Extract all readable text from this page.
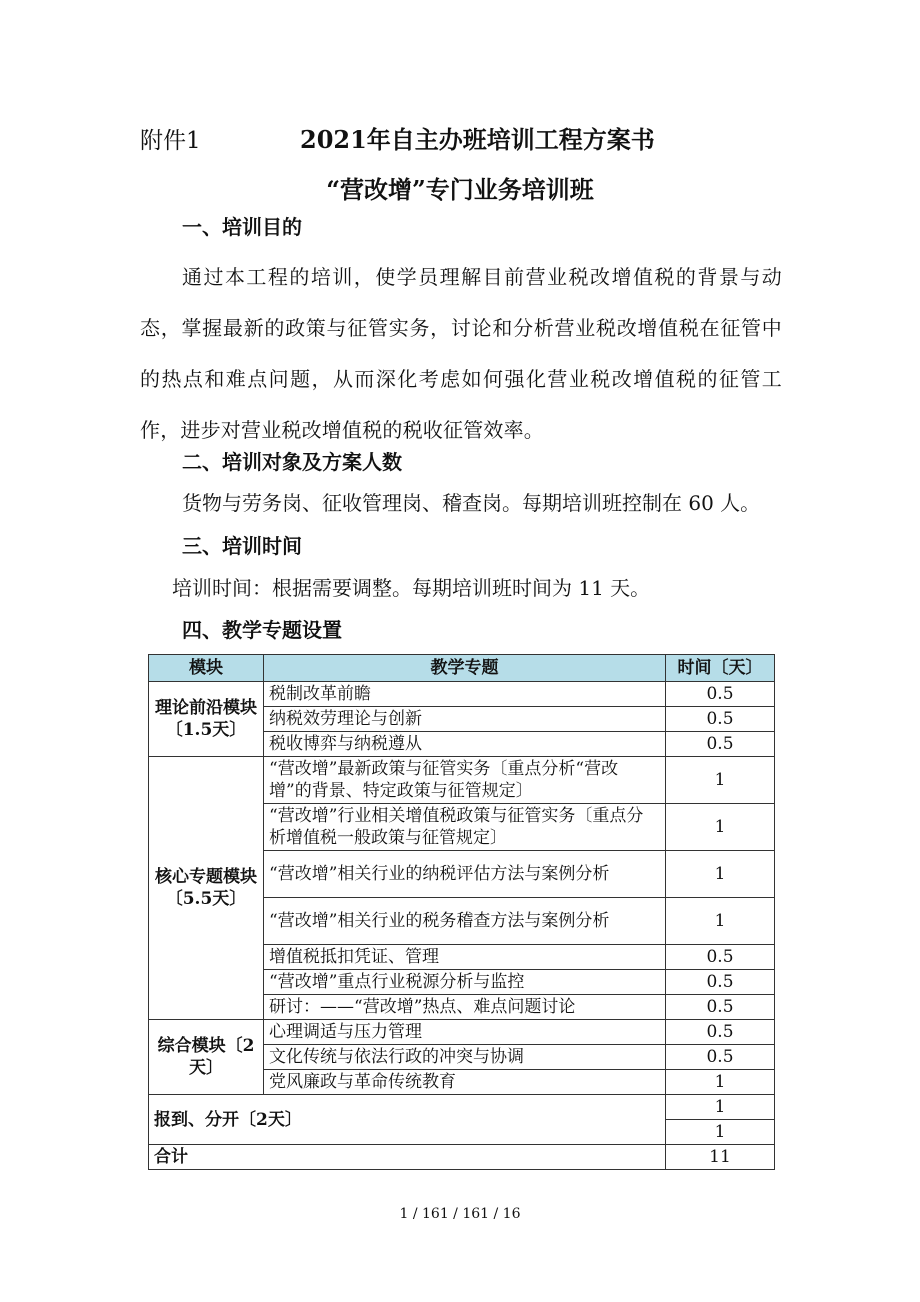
附件1	2021年自主办班培训工程方案书
“营改增”专门业务培训班
一、培训目的
通过本工程的培训，使学员理解目前营业税改增值税的背景与动态，掌握最新的政策与征管实务，讨论和分析营业税改增值税在征管中的热点和难点问题，从而深化考虑如何强化营业税改增值税的征管工作，进步对营业税改增值税的税收征管效率。
二、培训对象及方案人数
货物与劳务岗、征收管理岗、稽查岗。每期培训班控制在 60 人。
三、培训时间
培训时间：根据需要调整。每期培训班时间为 11 天。
四、教学专题设置
模块	教学专题	时间〔天〕
理论前沿模块〔1.5天〕	税制改革前瞻	0.5
	纳税效劳理论与创新	0.5
	税收博弈与纳税遵从	0.5
核心专题模块〔5.5天〕	“营改增”最新政策与征管实务〔重点分析“营改增”的背景、特定政策与征管规定〕	1
	“营改增”行业相关增值税政策与征管实务〔重点分析增值税一般政策与征管规定〕	1
	“营改增”相关行业的纳税评估方法与案例分析	1
	“营改增”相关行业的税务稽查方法与案例分析	1
	增值税抵扣凭证、管理	0.5
	“营改增”重点行业税源分析与监控	0.5
	研讨：——“营改增”热点、难点问题讨论	0.5
综合模块〔2天〕	心理调适与压力管理	0.5
	文化传统与依法行政的冲突与协调	0.5
	党风廉政与革命传统教育	1
报到、分开〔2天〕		1
		1
合计		11
1 / 161 / 161 / 16
